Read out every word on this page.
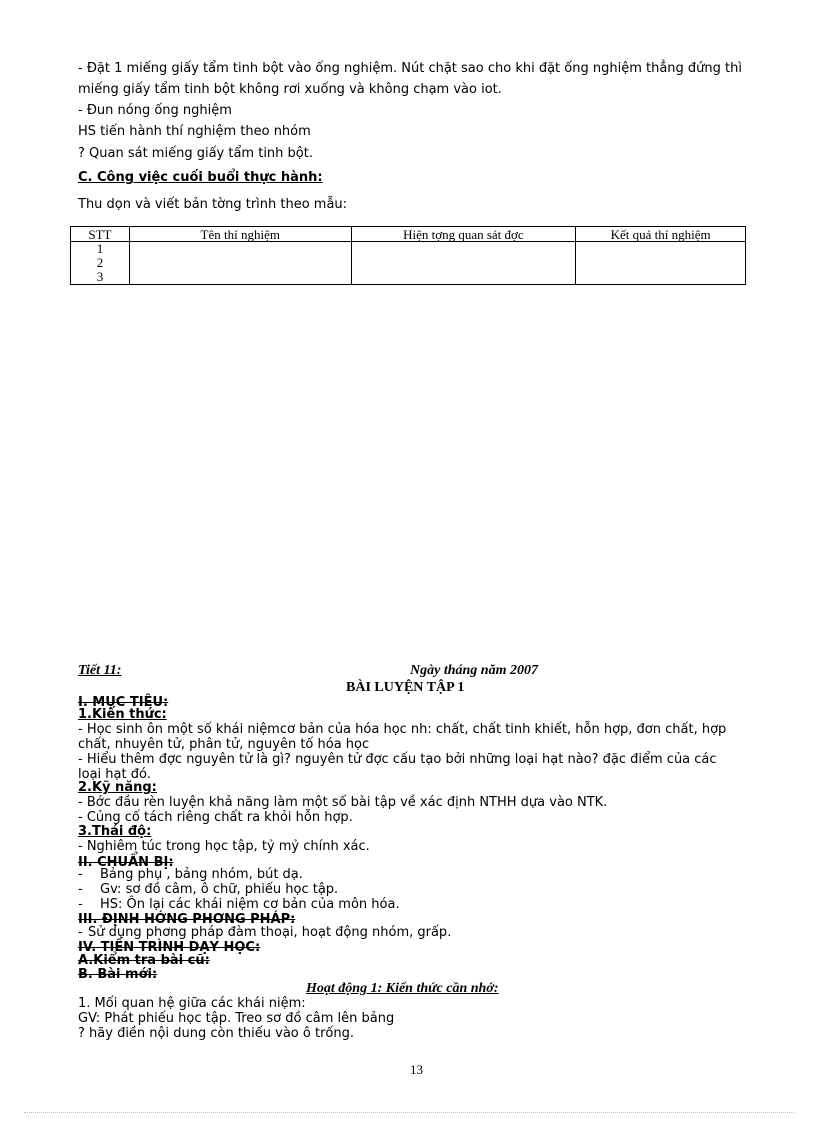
- Đặt 1 miếng giấy tẩm tinh bột vào ống nghiệm. Nút chặt sao cho khi đặt ống nghiệm thẳng đứng thì
miếng giấy tẩm tinh bột không rơi xuống và không chạm vào iot.
- Đun nóng ống nghiệm
HS tiến hành thí nghiệm theo nhóm
? Quan sát miếng giấy tẩm tinh bột.
C. Công việc cuối buổi thực hành:
Thu dọn và viết bản tờng trình theo mẫu:
STT	Tên thí nghiệm	Hiện tợng quan sát đợc	Kết quả thí nghiệm

1
2
3			

Tiết 11:	Ngày tháng năm 2007
BÀI LUYỆN TẬP 1
I. MỤC TIÊU:
1.Kiến thức:
- Học sinh ôn một số khái niệmcơ bản của hóa học nh: chất, chất tinh khiết, hỗn hợp, đơn chất, hợp
chất, nhuyên tử, phân tử, nguyên tố hóa học
- Hiểu thêm đợc nguyên tử là gì? nguyên tử đợc cấu tạo bởi những loại hạt nào? đặc điểm của các
loại hạt đó.
2.Kỹ năng:
- Bớc đầu rèn luyện khả năng làm một số bài tập về xác định NTHH dựa vào NTK.
- Củng cố tách riêng chất ra khỏi hỗn hợp.
3.Thái độ:
- Nghiêm túc trong học tập, tỷ mỷ chính xác.
II. CHUẨN BỊ:
- Bảng phụ , bảng nhóm, bút dạ.
- Gv: sơ đồ câm, ô chữ, phiếu học tập.
- HS: Ôn lại các khái niệm cơ bản của môn hóa.
III. ĐỊNH HỚNG PHƠNG PHÁP:
- Sử dụng phơng pháp đàm thoại, hoạt động nhóm, grấp.
IV. TIẾN TRÌNH DẠY HỌC:
A.Kiểm tra bài cũ:
B. Bài mới:
Hoạt động 1: Kiến thức cần nhớ:
1. Mối quan hệ giữa các khái niệm:
GV: Phát phiếu học tập. Treo sơ đồ câm lên bảng
? hãy điền nội dung còn thiếu vào ô trống.
13
